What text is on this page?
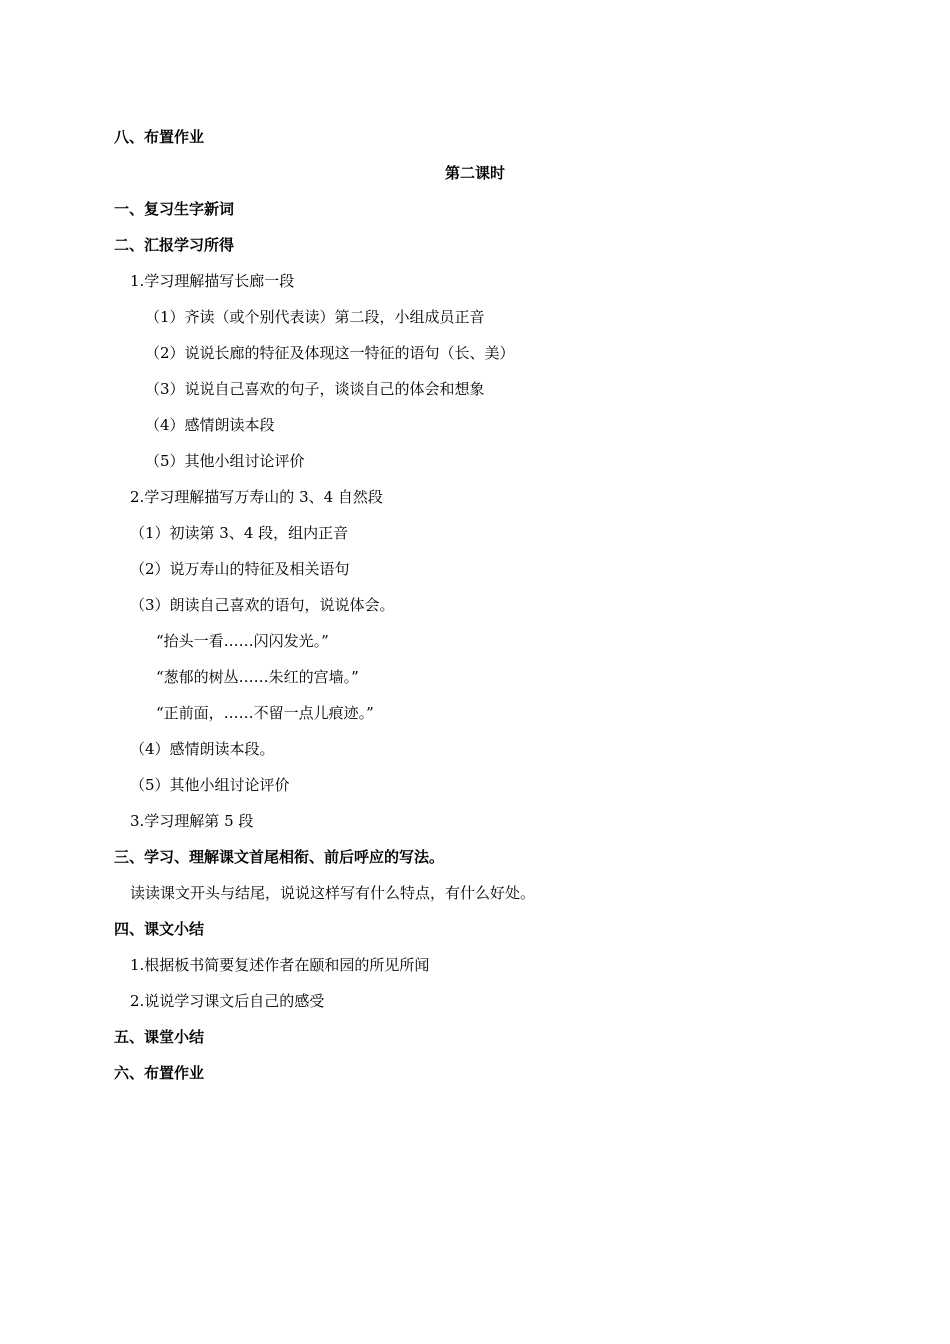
八、布置作业
第二课时
一、复习生字新词
二、汇报学习所得
1.学习理解描写长廊一段
（1）齐读（或个别代表读）第二段，小组成员正音
（2）说说长廊的特征及体现这一特征的语句（长、美）
（3）说说自己喜欢的句子，谈谈自己的体会和想象
（4）感情朗读本段
（5）其他小组讨论评价
2.学习理解描写万寿山的 3、4 自然段
（1）初读第 3、4 段，组内正音
（2）说万寿山的特征及相关语句
（3）朗读自己喜欢的语句，说说体会。
“抬头一看……闪闪发光。”
“葱郁的树丛……朱红的宫墙。”
“正前面，……不留一点儿痕迹。”
（4）感情朗读本段。
（5）其他小组讨论评价
3.学习理解第 5 段
三、学习、理解课文首尾相衔、前后呼应的写法。
读读课文开头与结尾，说说这样写有什么特点，有什么好处。
四、课文小结
1.根据板书简要复述作者在颐和园的所见所闻
2.说说学习课文后自己的感受
五、课堂小结
六、布置作业
